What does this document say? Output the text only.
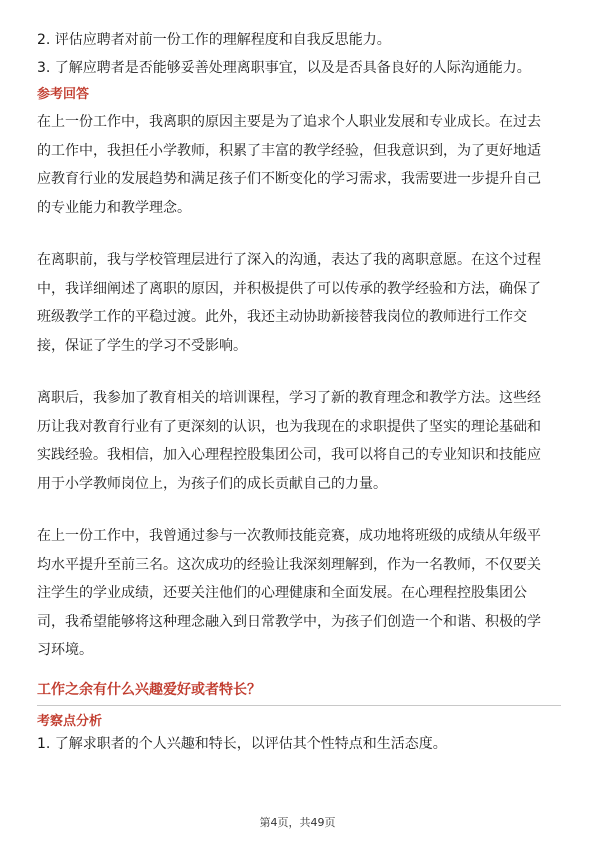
2. 评估应聘者对前一份工作的理解程度和自我反思能力。
3. 了解应聘者是否能够妥善处理离职事宜，以及是否具备良好的人际沟通能力。
参考回答
在上一份工作中，我离职的原因主要是为了追求个人职业发展和专业成长。在过去
的工作中，我担任小学教师，积累了丰富的教学经验，但我意识到，为了更好地适
应教育行业的发展趋势和满足孩子们不断变化的学习需求，我需要进一步提升自己
的专业能力和教学理念。
在离职前，我与学校管理层进行了深入的沟通，表达了我的离职意愿。在这个过程
中，我详细阐述了离职的原因，并积极提供了可以传承的教学经验和方法，确保了
班级教学工作的平稳过渡。此外，我还主动协助新接替我岗位的教师进行工作交
接，保证了学生的学习不受影响。
离职后，我参加了教育相关的培训课程，学习了新的教育理念和教学方法。这些经
历让我对教育行业有了更深刻的认识，也为我现在的求职提供了坚实的理论基础和
实践经验。我相信，加入心理程控股集团公司，我可以将自己的专业知识和技能应
用于小学教师岗位上，为孩子们的成长贡献自己的力量。
在上一份工作中，我曾通过参与一次教师技能竞赛，成功地将班级的成绩从年级平
均水平提升至前三名。这次成功的经验让我深刻理解到，作为一名教师，不仅要关
注学生的学业成绩，还要关注他们的心理健康和全面发展。在心理程控股集团公
司，我希望能够将这种理念融入到日常教学中，为孩子们创造一个和谐、积极的学
习环境。
工作之余有什么兴趣爱好或者特长？
考察点分析
1. 了解求职者的个人兴趣和特长，以评估其个性特点和生活态度。
第4页，共49页
